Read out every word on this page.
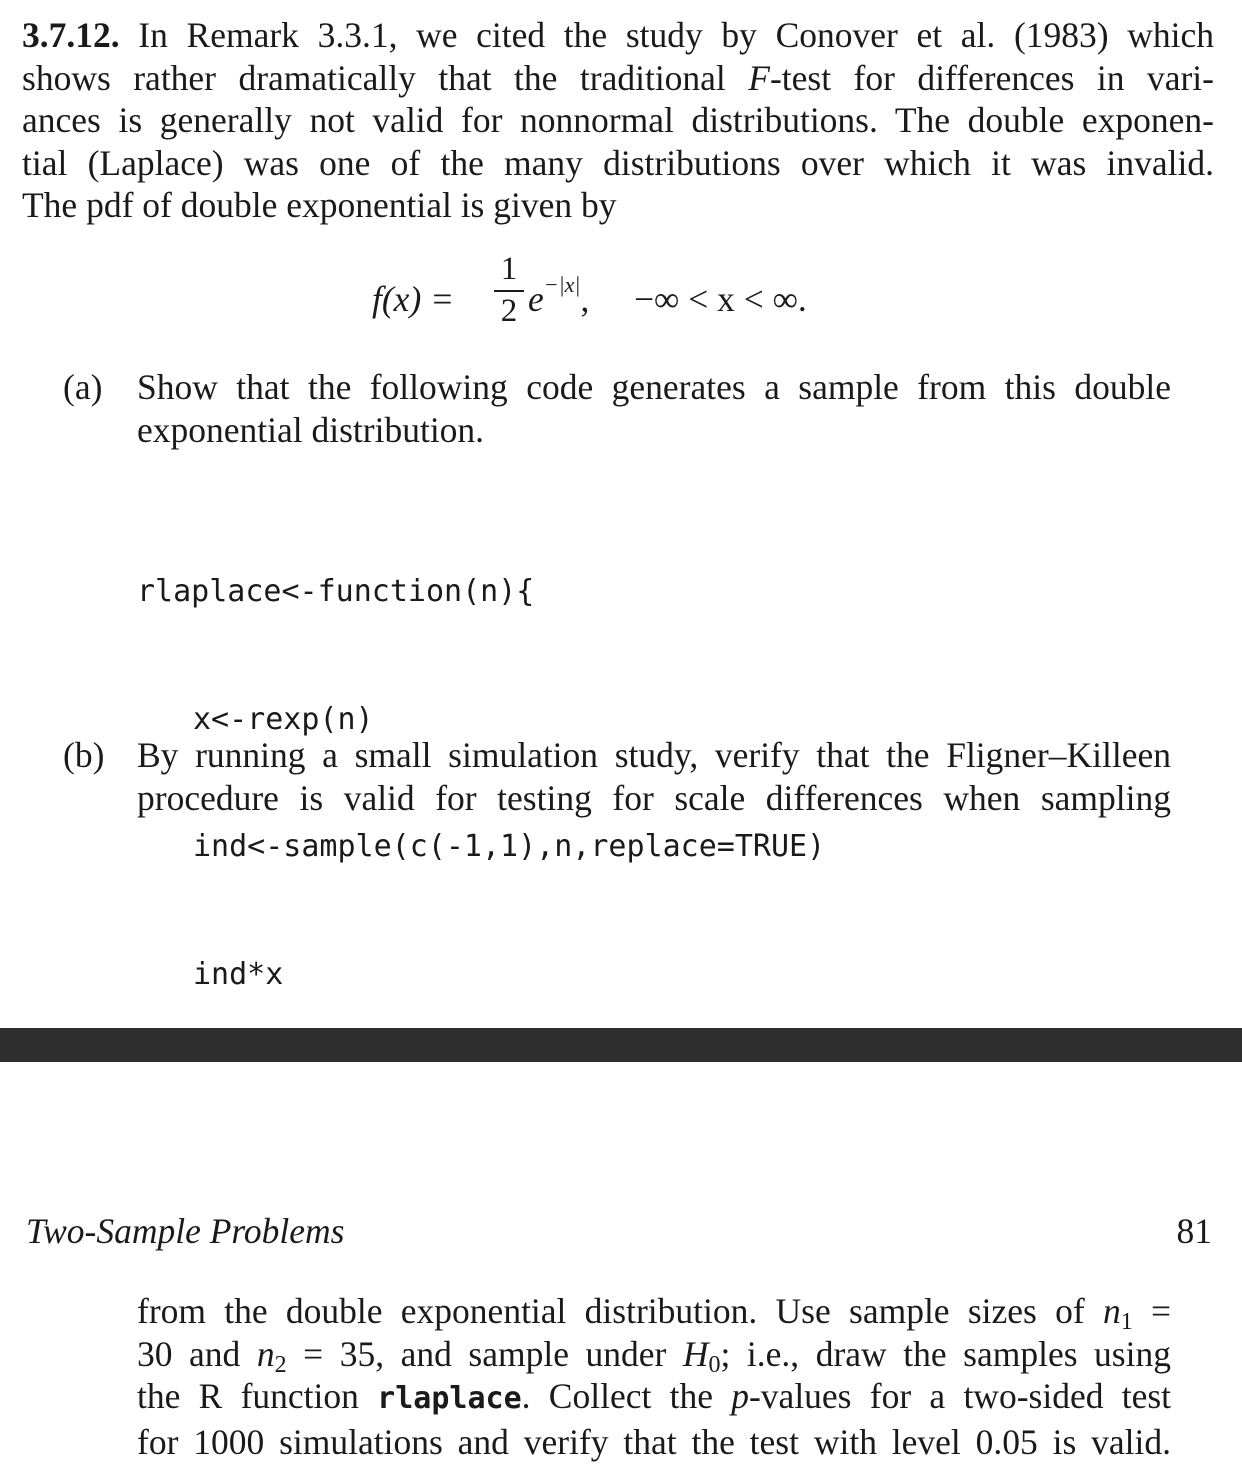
3.7.12. In Remark 3.3.1, we cited the study by Conover et al. (1983) which
shows rather dramatically that the traditional F-test for differences in vari-
ances is generally not valid for nonnormal distributions. The double exponen-
tial (Laplace) was one of the many distributions over which it was invalid.
The pdf of double exponential is given by
f(x) =
1
2 $e^{-|x|}$, −∞ < x < ∞.
(a) Show that the following code generates a sample from this double
exponential distribution.

rlaplace<-function(n){

x<-rexp(n)

ind<-sample(c(-1,1),n,replace=TRUE)

ind*x

(b) By running a small simulation study, verify that the Fligner–Killeen
procedure is valid for testing for scale differences when sampling
Two-Sample Problems	81
from the double exponential distribution. Use sample sizes of $n_1$ =
30 and $n_2 = 35$, and sample under $H_0$; i.e., draw the samples using
the R function rlaplace. Collect the p-values for a two-sided test
for 1000 simulations and verify that the test with level 0.05 is valid.
